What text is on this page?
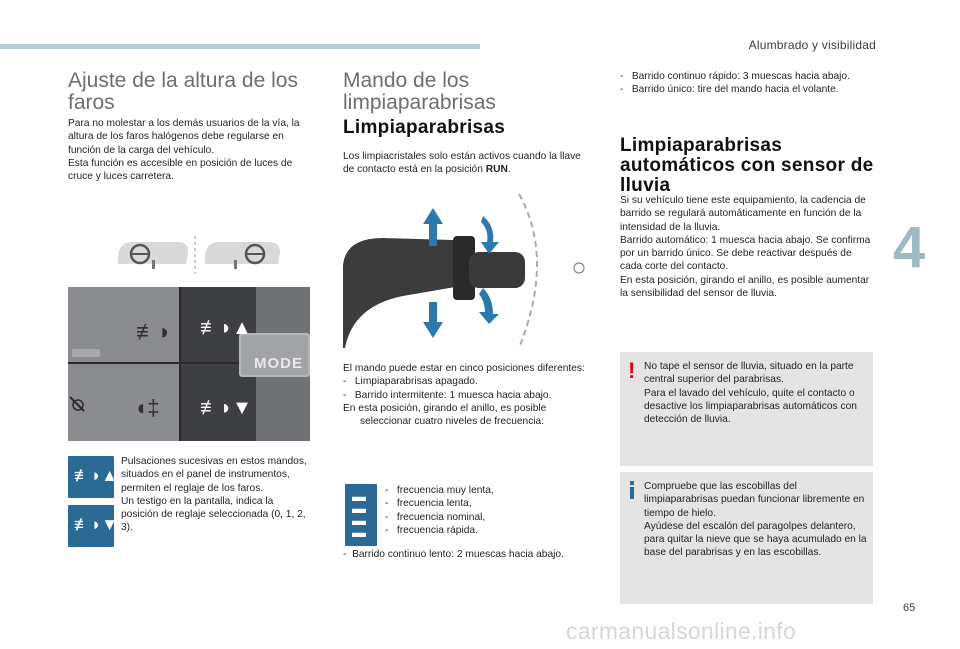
Alumbrado y visibilidad
4
65
carmanualsonline.info
Ajuste de la altura de los faros

Para no molestar a los demás usuarios de la vía, la altura de los faros halógenos debe regularse en función de la carga del vehículo.

Esta función es accesible en posición de luces de cruce y luces carretera.

≢◗
◖‡
≢◗▲
≢◗▼
MODE
≢◗▲
≢◗▼

Pulsaciones sucesivas en estos mandos, situados en el panel de instrumentos, permiten el reglaje de los faros.

Un testigo en la pantalla, indica la posición de reglaje seleccionada (0, 1, 2, 3).

Mando de los limpiaparabrisas
Limpiaparabrisas
Los limpiacristales solo están activos cuando la llave de contacto está en la posición RUN.

El mando puede estar en cinco posiciones diferentes:

-   Limpiaparabrisas apagado.

-   Barrido intermitente: 1 muesca hacia abajo.

En esta posición, girando el anillo, es posible

seleccionar cuatro niveles de frecuencia:

▬
▬
▬
▬

-   frecuencia muy lenta,

-   frecuencia lenta,

-   frecuencia nominal,

-   frecuencia rápida.

-  Barrido continuo lento: 2 muescas hacia abajo.

-   Barrido continuo rápido: 3 muescas hacia abajo.

-   Barrido único: tire del mando hacia el volante.

Limpiaparabrisas automáticos con sensor de lluvia

Si su vehículo tiene este equipamiento, la cadencia de barrido se regulará automáticamente en función de la intensidad de la lluvia.

Barrido automático: 1 muesca hacia abajo. Se confirma por un barrido único. Se debe reactivar después de cada corte del contacto.

En esta posición, girando el anillo, es posible aumentar la sensibilidad del sensor de lluvia.

! No tape el sensor de lluvia, situado en la parte central superior del parabrisas.

Para el lavado del vehículo, quite el contacto o desactive los limpiaparabrisas automáticos con detección de lluvia.

Compruebe que las escobillas del limpiaparabrisas puedan funcionar libremente en tiempo de hielo.

Ayúdese del escalón del paragolpes delantero, para quitar la nieve que se haya acumulado en la base del parabrisas y en las escobillas.
